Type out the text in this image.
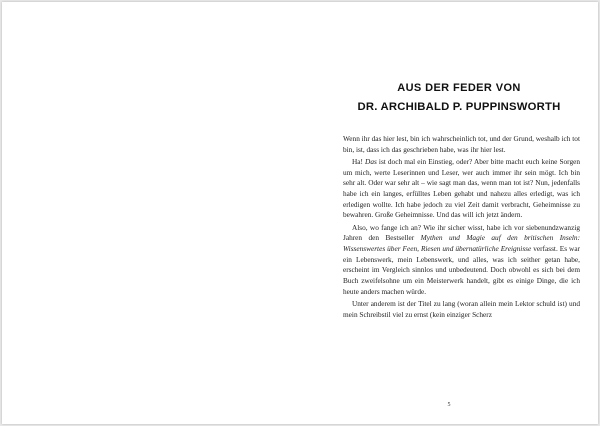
AUS DER FEDER VON
DR. ARCHIBALD P. PUPPINSWORTH

Wenn ihr das hier lest, bin ich wahrscheinlich tot, und der Grund, weshalb ich tot bin, ist, dass ich das geschrieben habe, was ihr hier lest.

Ha! Das ist doch mal ein Einstieg, oder? Aber bitte macht euch keine Sorgen um mich, werte Leserinnen und Leser, wer auch immer ihr sein mögt. Ich bin sehr alt. Oder war sehr alt – wie sagt man das, wenn man tot ist? Nun, jedenfalls habe ich ein langes, erfülltes Leben gehabt und nahezu alles erledigt, was ich erledigen wollte. Ich habe jedoch zu viel Zeit damit verbracht, Geheimnisse zu bewahren. Große Geheimnisse. Und das will ich jetzt ändern.

Also, wo fange ich an? Wie ihr sicher wisst, habe ich vor siebenundzwanzig Jahren den Bestseller Mythen und Magie auf den britischen Inseln: Wissenswertes über Feen, Riesen und übernatürliche Ereignisse verfasst. Es war ein Lebenswerk, mein Lebenswerk, und alles, was ich seither getan habe, erscheint im Vergleich sinnlos und unbedeutend. Doch obwohl es sich bei dem Buch zweifelsohne um ein Meisterwerk handelt, gibt es einige Dinge, die ich heute anders machen würde.

Unter anderem ist der Titel zu lang (woran allein mein Lektor schuld ist) und mein Schreibstil viel zu ernst (kein einziger Scherz

5
